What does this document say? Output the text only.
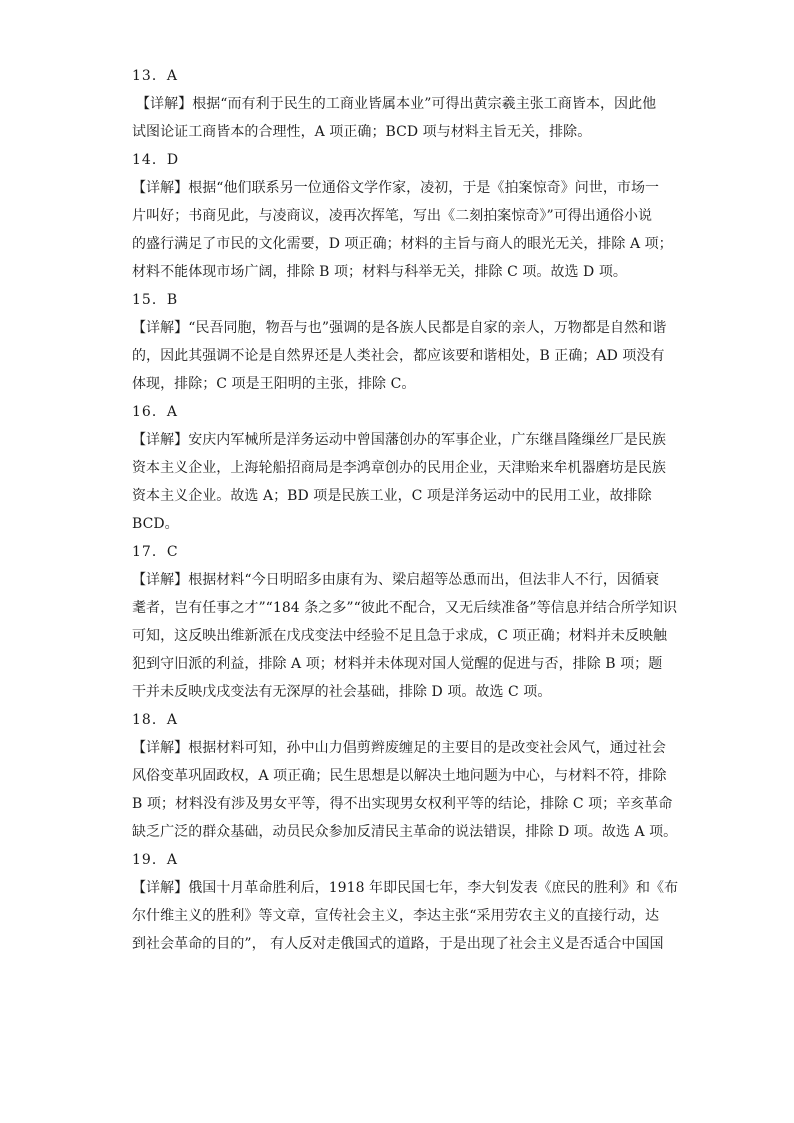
13．A
【详解】根据“而有利于民生的工商业皆属本业”可得出黄宗羲主张工商皆本，因此他
试图论证工商皆本的合理性，A 项正确；BCD 项与材料主旨无关，排除。
14．D
【详解】根据“他们联系另一位通俗文学作家，凌初，于是《拍案惊奇》问世，市场一
片叫好；书商见此，与凌商议，凌再次挥笔，写出《二刻拍案惊奇》”可得出通俗小说
的盛行满足了市民的文化需要，D 项正确；材料的主旨与商人的眼光无关，排除 A 项；
材料不能体现市场广阔，排除 B 项；材料与科举无关，排除 C 项。故选 D 项。
15．B
【详解】“民吾同胞，物吾与也”强调的是各族人民都是自家的亲人，万物都是自然和谐
的，因此其强调不论是自然界还是人类社会，都应该要和谐相处，B 正确；AD 项没有
体现，排除；C 项是王阳明的主张，排除 C。
16．A
【详解】安庆内军械所是洋务运动中曾国藩创办的军事企业，广东继昌隆缫丝厂是民族
资本主义企业，上海轮船招商局是李鸿章创办的民用企业，天津贻来牟机器磨坊是民族
资本主义企业。故选 A；BD 项是民族工业，C 项是洋务运动中的民用工业，故排除
BCD。
17．C
【详解】根据材料“今日明昭多由康有为、梁启超等怂恿而出，但法非人不行，因循衰
耄者，岂有任事之才”“184 条之多”“彼此不配合，又无后续准备”等信息并结合所学知识
可知，这反映出维新派在戊戌变法中经验不足且急于求成，C 项正确；材料并未反映触
犯到守旧派的利益，排除 A 项；材料并未体现对国人觉醒的促进与否，排除 B 项；题
干并未反映戊戌变法有无深厚的社会基础，排除 D 项。故选 C 项。
18．A
【详解】根据材料可知，孙中山力倡剪辫废缠足的主要目的是改变社会风气，通过社会
风俗变革巩固政权，A 项正确；民生思想是以解决土地问题为中心，与材料不符，排除
B 项；材料没有涉及男女平等，得不出实现男女权利平等的结论，排除 C 项；辛亥革命
缺乏广泛的群众基础，动员民众参加反清民主革命的说法错误，排除 D 项。故选 A 项。
19．A
【详解】俄国十月革命胜利后，1918 年即民国七年，李大钊发表《庶民的胜利》和《布
尔什维主义的胜利》等文章，宣传社会主义，李达主张“采用劳农主义的直接行动，达
到社会革命的目的”， 有人反对走俄国式的道路，于是出现了社会主义是否适合中国国
